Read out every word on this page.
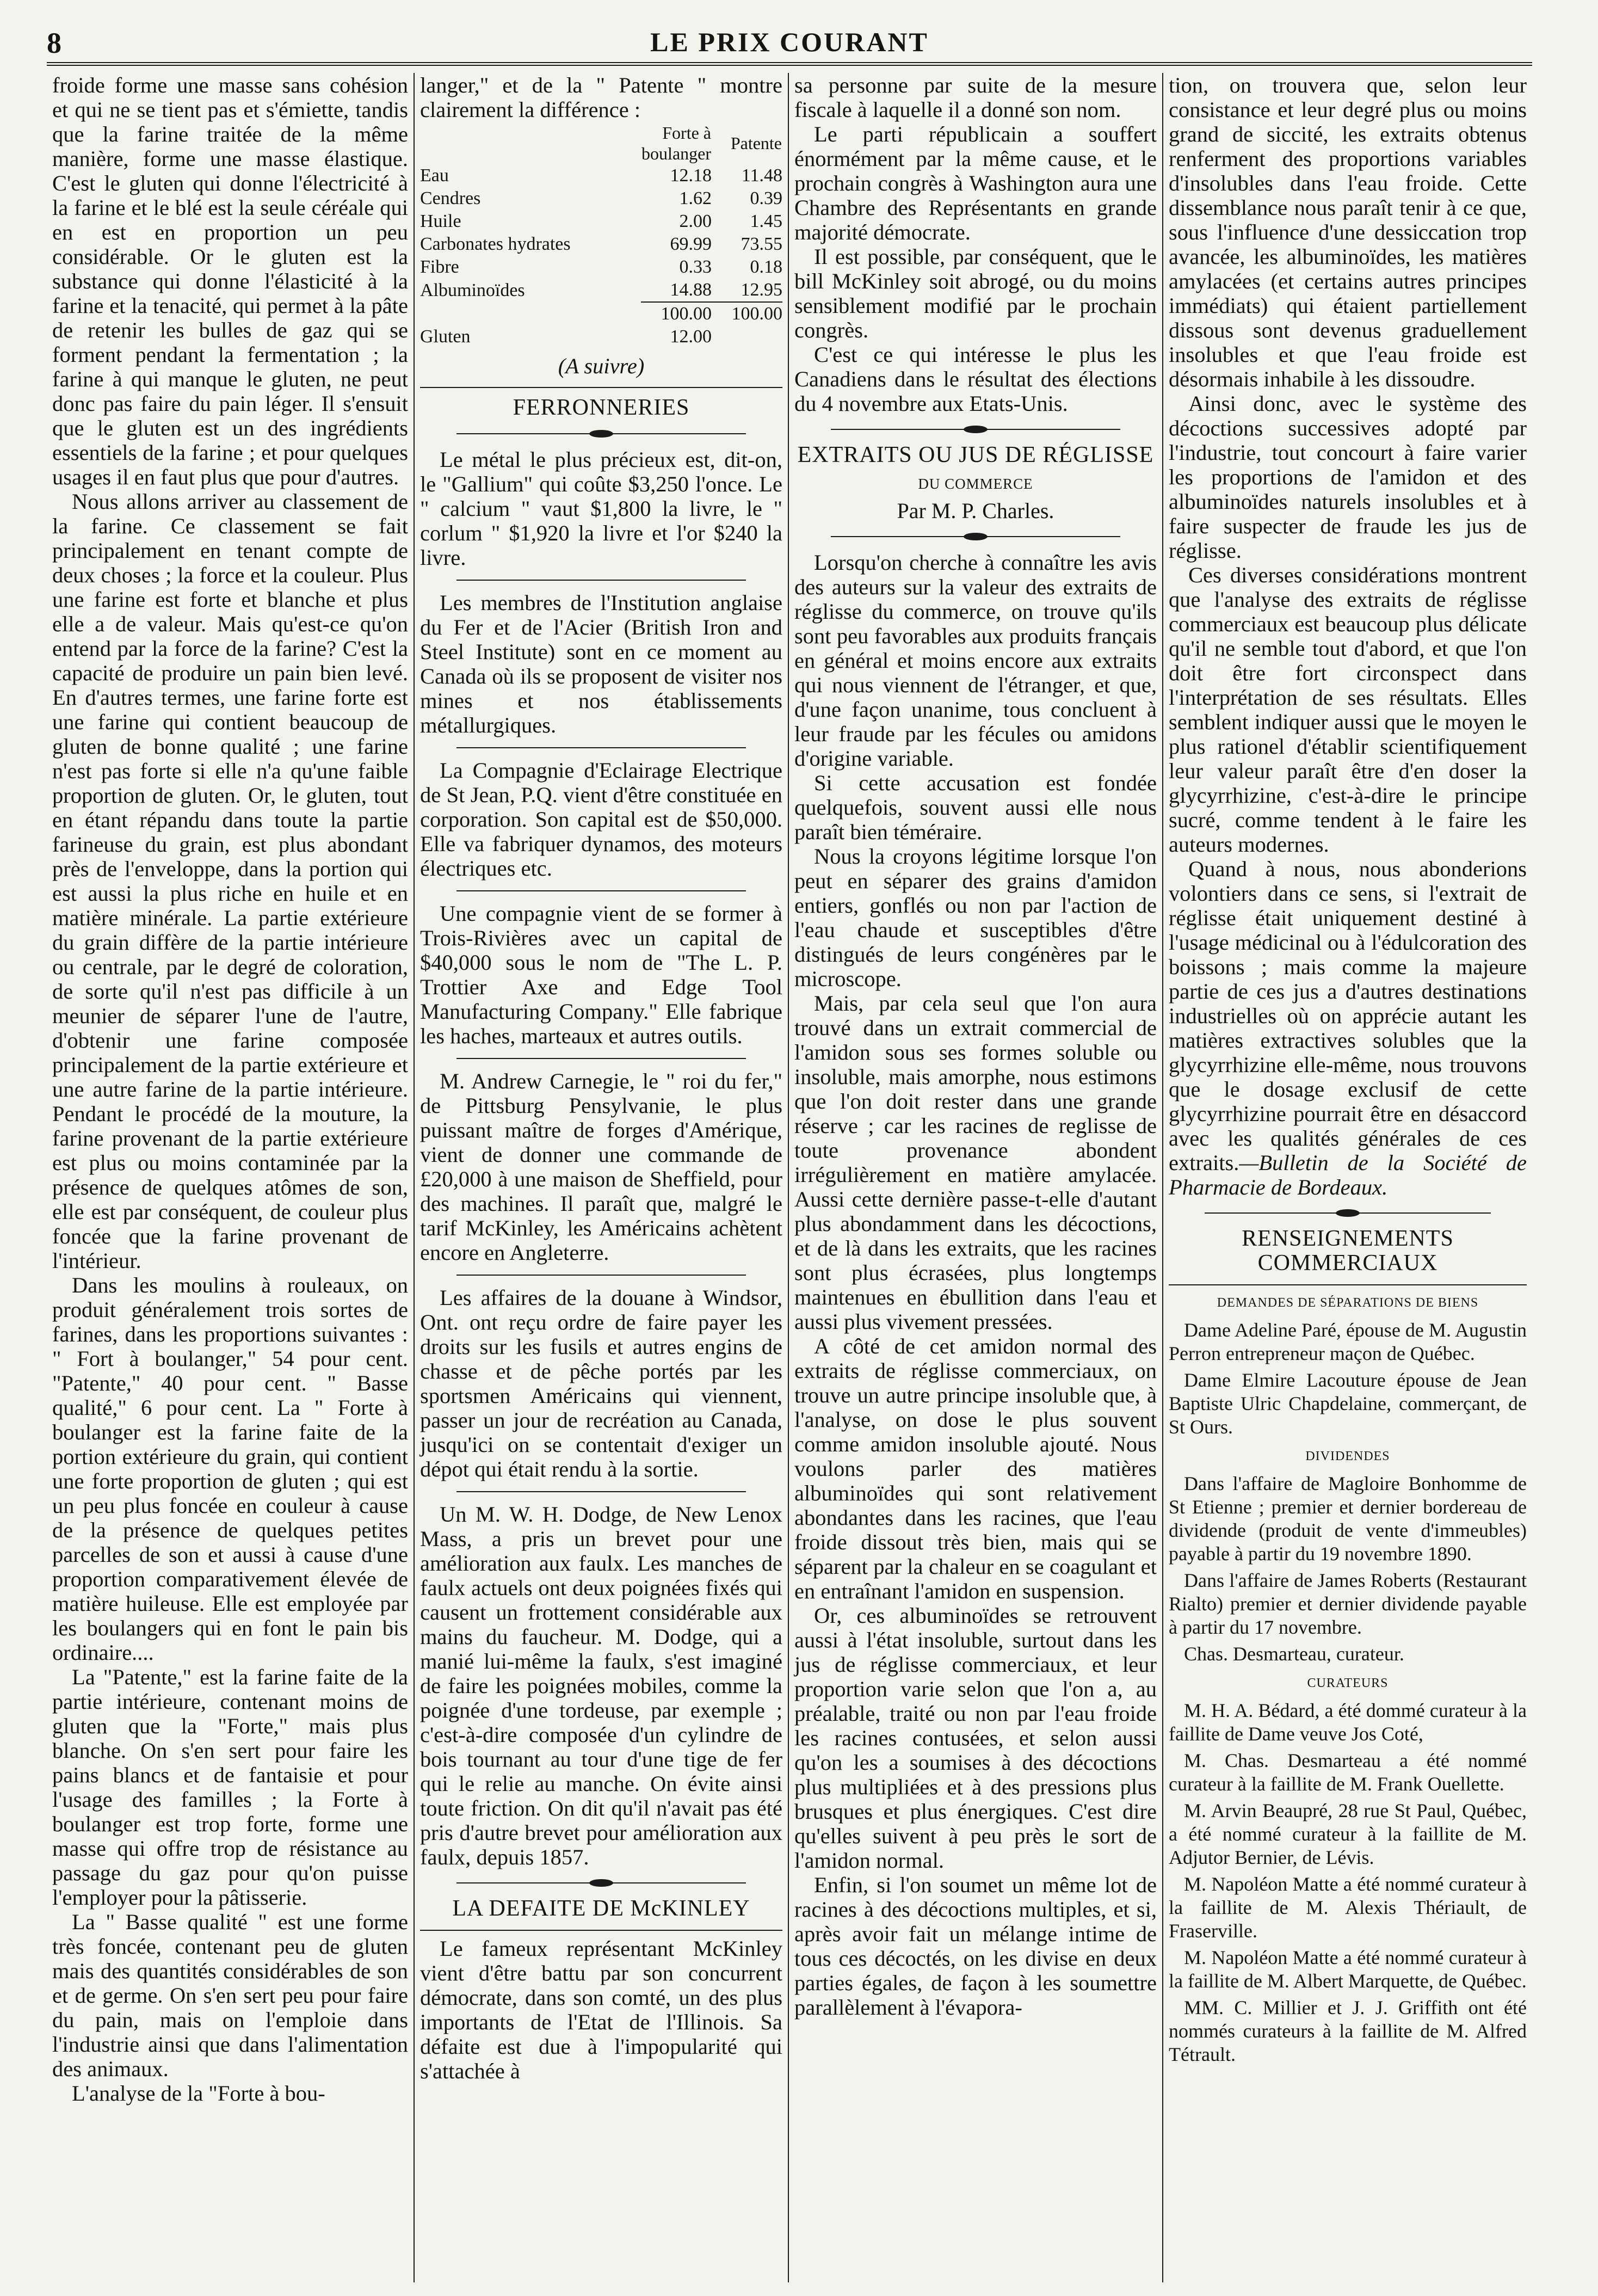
8	LE PRIX COURANT

froide forme une masse sans cohésion et qui ne se tient pas et s'émiette, tandis que la farine traitée de la même manière, forme une masse élastique. C'est le gluten qui donne l'électricité à la farine et le blé est la seule céréale qui en est en proportion un peu considérable. Or le gluten est la substance qui donne l'élasticité à la farine et la tenacité, qui permet à la pâte de retenir les bulles de gaz qui se forment pendant la fermentation ; la farine à qui manque le gluten, ne peut donc pas faire du pain léger. Il s'ensuit que le gluten est un des ingrédients essentiels de la farine ; et pour quelques usages il en faut plus que pour d'autres.

Nous allons arriver au classement de la farine. Ce classement se fait principalement en tenant compte de deux choses ; la force et la couleur. Plus une farine est forte et blanche et plus elle a de valeur. Mais qu'est-ce qu'on entend par la force de la farine? C'est la capacité de produire un pain bien levé. En d'autres termes, une farine forte est une farine qui contient beaucoup de gluten de bonne qualité ; une farine n'est pas forte si elle n'a qu'une faible proportion de gluten. Or, le gluten, tout en étant répandu dans toute la partie farineuse du grain, est plus abondant près de l'enveloppe, dans la portion qui est aussi la plus riche en huile et en matière minérale. La partie extérieure du grain diffère de la partie intérieure ou centrale, par le degré de coloration, de sorte qu'il n'est pas difficile à un meunier de séparer l'une de l'autre, d'obtenir une farine composée principalement de la partie extérieure et une autre farine de la partie intérieure. Pendant le procédé de la mouture, la farine provenant de la partie extérieure est plus ou moins contaminée par la présence de quelques atômes de son, elle est par conséquent, de couleur plus foncée que la farine provenant de l'intérieur.

Dans les moulins à rouleaux, on produit généralement trois sortes de farines, dans les proportions suivantes : " Fort à boulanger," 54 pour cent. "Patente," 40 pour cent. " Basse qualité," 6 pour cent. La " Forte à boulanger est la farine faite de la portion extérieure du grain, qui contient une forte proportion de gluten ; qui est un peu plus foncée en couleur à cause de la présence de quelques petites parcelles de son et aussi à cause d'une proportion comparativement élevée de matière huileuse. Elle est employée par les boulangers qui en font le pain bis ordinaire....

La "Patente," est la farine faite de la partie intérieure, contenant moins de gluten que la "Forte," mais plus blanche. On s'en sert pour faire les pains blancs et de fantaisie et pour l'usage des familles ; la Forte à boulanger est trop forte, forme une masse qui offre trop de résistance au passage du gaz pour qu'on puisse l'employer pour la pâtisserie.

La " Basse qualité " est une forme très foncée, contenant peu de gluten mais des quantités considérables de son et de germe. On s'en sert peu pour faire du pain, mais on l'emploie dans l'industrie ainsi que dans l'alimentation des animaux.

L'analyse de la "Forte à bou-

langer," et de la " Patente " montre clairement la différence :

	Forte à boulanger	Patente
Eau	12.18	11.48
Cendres	1.62	0.39
Huile	2.00	1.45
Carbonates hydrates	69.99	73.55
Fibre	0.33	0.18
Albuminoïdes	14.88	12.95
	100.00	100.00
Gluten	12.00	
(A suivre)
FERRONNERIES

Le métal le plus précieux est, dit-on, le "Gallium" qui coûte $3,250 l'once. Le " calcium " vaut $1,800 la livre, le " corlum " $1,920 la livre et l'or $240 la livre.

Les membres de l'Institution anglaise du Fer et de l'Acier (British Iron and Steel Institute) sont en ce moment au Canada où ils se proposent de visiter nos mines et nos établissements métallurgiques.

La Compagnie d'Eclairage Electrique de St Jean, P.Q. vient d'être constituée en corporation. Son capital est de $50,000. Elle va fabriquer dynamos, des moteurs électriques etc.

Une compagnie vient de se former à Trois-Rivières avec un capital de $40,000 sous le nom de "The L. P. Trottier Axe and Edge Tool Manufacturing Company." Elle fabrique les haches, marteaux et autres outils.

M. Andrew Carnegie, le " roi du fer," de Pittsburg Pensylvanie, le plus puissant maître de forges d'Amérique, vient de donner une commande de £20,000 à une maison de Sheffield, pour des machines. Il paraît que, malgré le tarif McKinley, les Américains achètent encore en Angleterre.

Les affaires de la douane à Windsor, Ont. ont reçu ordre de faire payer les droits sur les fusils et autres engins de chasse et de pêche portés par les sportsmen Américains qui viennent, passer un jour de recréation au Canada, jusqu'ici on se contentait d'exiger un dépot qui était rendu à la sortie.

Un M. W. H. Dodge, de New Lenox Mass, a pris un brevet pour une amélioration aux faulx. Les manches de faulx actuels ont deux poignées fixés qui causent un frottement considérable aux mains du faucheur. M. Dodge, qui a manié lui-même la faulx, s'est imaginé de faire les poignées mobiles, comme la poignée d'une tordeuse, par exemple ; c'est-à-dire composée d'un cylindre de bois tournant au tour d'une tige de fer qui le relie au manche. On évite ainsi toute friction. On dit qu'il n'avait pas été pris d'autre brevet pour amélioration aux faulx, depuis 1857.

LA DEFAITE DE McKINLEY

Le fameux représentant McKinley vient d'être battu par son concurrent démocrate, dans son comté, un des plus importants de l'Etat de l'Illinois. Sa défaite est due à l'impopularité qui s'attachée à

sa personne par suite de la mesure fiscale à laquelle il a donné son nom.

Le parti républicain a souffert énormément par la même cause, et le prochain congrès à Washington aura une Chambre des Représentants en grande majorité démocrate.

Il est possible, par conséquent, que le bill McKinley soit abrogé, ou du moins sensiblement modifié par le prochain congrès.

C'est ce qui intéresse le plus les Canadiens dans le résultat des élections du 4 novembre aux Etats-Unis.

EXTRAITS OU JUS DE RÉGLISSE
DU COMMERCE
Par M. P. Charles.

Lorsqu'on cherche à connaître les avis des auteurs sur la valeur des extraits de réglisse du commerce, on trouve qu'ils sont peu favorables aux produits français en général et moins encore aux extraits qui nous viennent de l'étranger, et que, d'une façon unanime, tous concluent à leur fraude par les fécules ou amidons d'origine variable.

Si cette accusation est fondée quelquefois, souvent aussi elle nous paraît bien téméraire.

Nous la croyons légitime lorsque l'on peut en séparer des grains d'amidon entiers, gonflés ou non par l'action de l'eau chaude et susceptibles d'être distingués de leurs congénères par le microscope.

Mais, par cela seul que l'on aura trouvé dans un extrait commercial de l'amidon sous ses formes soluble ou insoluble, mais amorphe, nous estimons que l'on doit rester dans une grande réserve ; car les racines de reglisse de toute provenance abondent irrégulièrement en matière amylacée. Aussi cette dernière passe-t-elle d'autant plus abondamment dans les décoctions, et de là dans les extraits, que les racines sont plus écrasées, plus longtemps maintenues en ébullition dans l'eau et aussi plus vivement pressées.

A côté de cet amidon normal des extraits de réglisse commerciaux, on trouve un autre principe insoluble que, à l'analyse, on dose le plus souvent comme amidon insoluble ajouté. Nous voulons parler des matières albuminoïdes qui sont relativement abondantes dans les racines, que l'eau froide dissout très bien, mais qui se séparent par la chaleur en se coagulant et en entraînant l'amidon en suspension.

Or, ces albuminoïdes se retrouvent aussi à l'état insoluble, surtout dans les jus de réglisse commerciaux, et leur proportion varie selon que l'on a, au préalable, traité ou non par l'eau froide les racines contusées, et selon aussi qu'on les a soumises à des décoctions plus multipliées et à des pressions plus brusques et plus énergiques. C'est dire qu'elles suivent à peu près le sort de l'amidon normal.

Enfin, si l'on soumet un même lot de racines à des décoctions multiples, et si, après avoir fait un mélange intime de tous ces décoctés, on les divise en deux parties égales, de façon à les soumettre parallèlement à l'évapora-

tion, on trouvera que, selon leur consistance et leur degré plus ou moins grand de siccité, les extraits obtenus renferment des proportions variables d'insolubles dans l'eau froide. Cette dissemblance nous paraît tenir à ce que, sous l'influence d'une dessiccation trop avancée, les albuminoïdes, les matières amylacées (et certains autres principes immédiats) qui étaient partiellement dissous sont devenus graduellement insolubles et que l'eau froide est désormais inhabile à les dissoudre.

Ainsi donc, avec le système des décoctions successives adopté par l'industrie, tout concourt à faire varier les proportions de l'amidon et des albuminoïdes naturels insolubles et à faire suspecter de fraude les jus de réglisse.

Ces diverses considérations montrent que l'analyse des extraits de réglisse commerciaux est beaucoup plus délicate qu'il ne semble tout d'abord, et que l'on doit être fort circonspect dans l'interprétation de ses résultats. Elles semblent indiquer aussi que le moyen le plus rationel d'établir scientifiquement leur valeur paraît être d'en doser la glycyrrhizine, c'est-à-dire le principe sucré, comme tendent à le faire les auteurs modernes.

Quand à nous, nous abonderions volontiers dans ce sens, si l'extrait de réglisse était uniquement destiné à l'usage médicinal ou à l'édulcoration des boissons ; mais comme la majeure partie de ces jus a d'autres destinations industrielles où on apprécie autant les matières extractives solubles que la glycyrrhizine elle-même, nous trouvons que le dosage exclusif de cette glycyrrhizine pourrait être en désaccord avec les qualités générales de ces extraits.—Bulletin de la Société de Pharmacie de Bordeaux.

RENSEIGNEMENTS COMMERCIAUX
DEMANDES DE SÉPARATIONS DE BIENS

Dame Adeline Paré, épouse de M. Augustin Perron entrepreneur maçon de Québec.

Dame Elmire Lacouture épouse de Jean Baptiste Ulric Chapdelaine, commerçant, de St Ours.

DIVIDENDES

Dans l'affaire de Magloire Bonhomme de St Etienne ; premier et dernier bordereau de dividende (produit de vente d'immeubles) payable à partir du 19 novembre 1890.

Dans l'affaire de James Roberts (Restaurant Rialto) premier et dernier dividende payable à partir du 17 novembre.

Chas. Desmarteau, curateur.
CURATEURS

M. H. A. Bédard, a été dommé curateur à la faillite de Dame veuve Jos Coté,

M. Chas. Desmarteau a été nommé curateur à la faillite de M. Frank Ouellette.

M. Arvin Beaupré, 28 rue St Paul, Québec, a été nommé curateur à la faillite de M. Adjutor Bernier, de Lévis.

M. Napoléon Matte a été nommé curateur à la faillite de M. Alexis Thériault, de Fraserville.

M. Napoléon Matte a été nommé curateur à la faillite de M. Albert Marquette, de Québec.

MM. C. Millier et J. J. Griffith ont été nommés curateurs à la faillite de M. Alfred Tétrault.
